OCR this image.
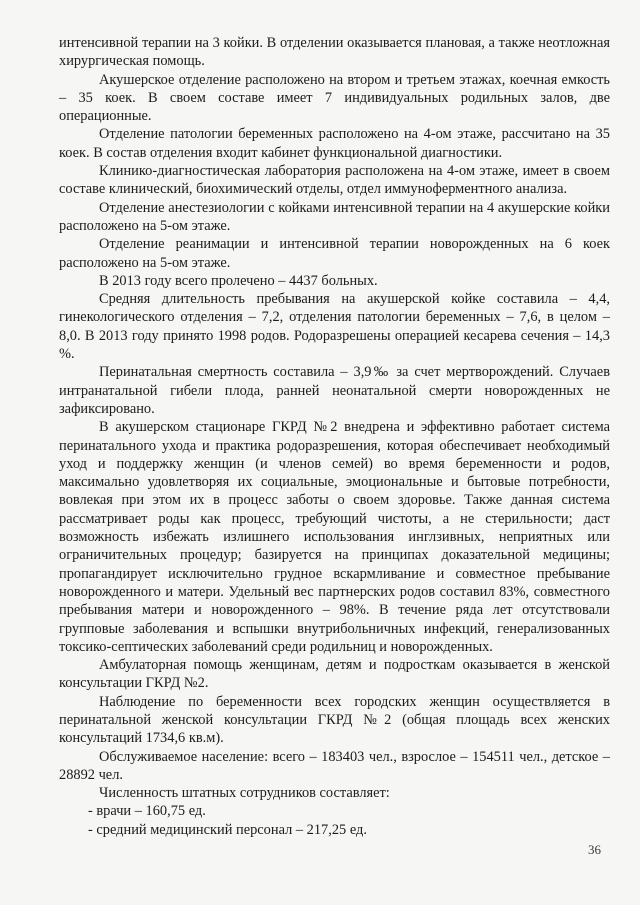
интенсивной терапии на 3 койки. В отделении оказывается плановая, а также неотложная хирургическая помощь.

Акушерское отделение расположено на втором и третьем этажах, коечная емкость – 35 коек. В своем составе имеет 7 индивидуальных родильных залов, две операционные.

Отделение патологии беременных расположено на 4-ом этаже, рассчитано на 35 коек. В состав отделения входит кабинет функциональной диагностики.

Клинико-диагностическая лаборатория расположена на 4-ом этаже, имеет в своем составе клинический, биохимический отделы, отдел иммуноферментного анализа.

Отделение анестезиологии с койками интенсивной терапии на 4 акушерские койки расположено на 5-ом этаже.

Отделение реанимации и интенсивной терапии новорожденных на 6 коек расположено на 5-ом этаже.

В 2013 году всего пролечено – 4437 больных.

Средняя длительность пребывания на акушерской койке составила – 4,4, гинекологического отделения – 7,2, отделения патологии беременных – 7,6, в целом – 8,0. В 2013 году принято 1998 родов. Родоразрешены операцией кесарева сечения – 14,3 %.

Перинатальная смертность составила – 3,9‰ за счет мертворождений. Случаев интранатальной гибели плода, ранней неонатальной смерти новорожденных не зафиксировано.

В акушерском стационаре ГКРД №2 внедрена и эффективно работает система перинатального ухода и практика родоразрешения, которая обеспечивает необходимый уход и поддержку женщин (и членов семей) во время беременности и родов, максимально удовлетворяя их социальные, эмоциональные и бытовые потребности, вовлекая при этом их в процесс заботы о своем здоровье. Также данная система рассматривает роды как процесс, требующий чистоты, а не стерильности; даст возможность избежать излишнего использования инглзивных, неприятных или ограничительных процедур; базируется на принципах доказательной медицины; пропагандирует исключительно грудное вскармливание и совместное пребывание новорожденного и матери. Удельный вес партнерских родов составил 83%, совместного пребывания матери и новорожденного – 98%. В течение ряда лет отсутствовали групповые заболевания и вспышки внутрибольничных инфекций, генерализованных токсико-септических заболеваний среди родильниц и новорожденных.

Амбулаторная помощь женщинам, детям и подросткам оказывается в женской консультации ГКРД №2.

Наблюдение по беременности всех городских женщин осуществляется в перинатальной женской консультации ГКРД №2 (общая площадь всех женских консультаций 1734,6 кв.м).

Обслуживаемое население: всего – 183403 чел., взрослое – 154511 чел., детское – 28892 чел.

Численность штатных сотрудников составляет:

- врачи – 160,75 ед.

- средний медицинский персонал – 217,25 ед.

36
